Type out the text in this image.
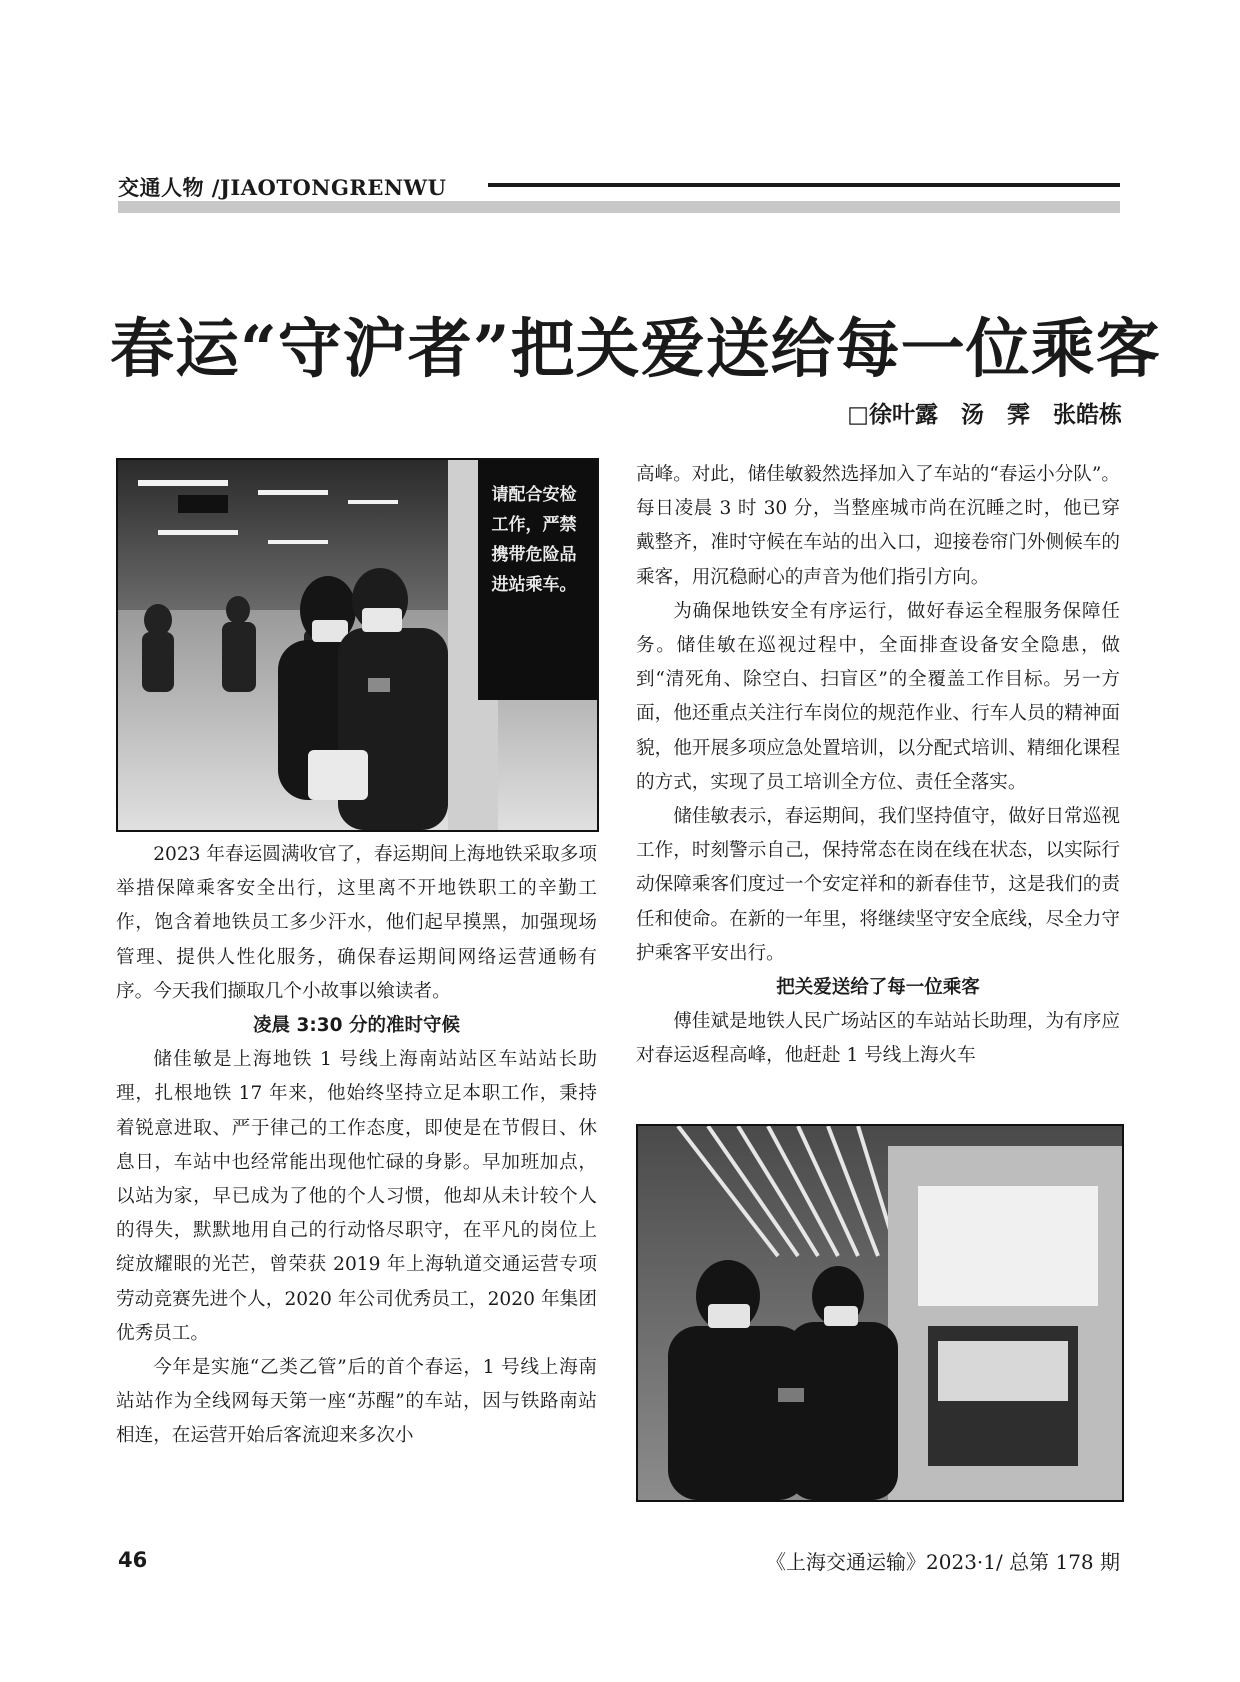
交通人物 /JIAOTONGRENWU
春运“守沪者”把关爱送给每一位乘客
□徐叶露　汤　霁　张皓栋
请配合安检工作，严禁携带危险品进站乘车。

2023 年春运圆满收官了，春运期间上海地铁采取多项举措保障乘客安全出行，这里离不开地铁职工的辛勤工作，饱含着地铁员工多少汗水，他们起早摸黑，加强现场管理、提供人性化服务，确保春运期间网络运营通畅有序。今天我们撷取几个小故事以飨读者。

凌晨 3:30 分的准时守候

储佳敏是上海地铁 1 号线上海南站站区车站站长助理，扎根地铁 17 年来，他始终坚持立足本职工作，秉持着锐意进取、严于律己的工作态度，即使是在节假日、休息日，车站中也经常能出现他忙碌的身影。早加班加点，以站为家，早已成为了他的个人习惯，他却从未计较个人的得失，默默地用自己的行动恪尽职守，在平凡的岗位上绽放耀眼的光芒，曾荣获 2019 年上海轨道交通运营专项劳动竞赛先进个人，2020 年公司优秀员工，2020 年集团优秀员工。

今年是实施“乙类乙管”后的首个春运，1 号线上海南站站作为全线网每天第一座“苏醒”的车站，因与铁路南站相连，在运营开始后客流迎来多次小

高峰。对此，储佳敏毅然选择加入了车站的“春运小分队”。每日凌晨 3 时 30 分，当整座城市尚在沉睡之时，他已穿戴整齐，准时守候在车站的出入口，迎接卷帘门外侧候车的乘客，用沉稳耐心的声音为他们指引方向。

为确保地铁安全有序运行，做好春运全程服务保障任务。储佳敏在巡视过程中，全面排查设备安全隐患，做到“清死角、除空白、扫盲区”的全覆盖工作目标。另一方面，他还重点关注行车岗位的规范作业、行车人员的精神面貌，他开展多项应急处置培训，以分配式培训、精细化课程的方式，实现了员工培训全方位、责任全落实。

储佳敏表示，春运期间，我们坚持值守，做好日常巡视工作，时刻警示自己，保持常态在岗在线在状态，以实际行动保障乘客们度过一个安定祥和的新春佳节，这是我们的责任和使命。在新的一年里，将继续坚守安全底线，尽全力守护乘客平安出行。

把关爱送给了每一位乘客

傅佳斌是地铁人民广场站区的车站站长助理，为有序应对春运返程高峰，他赶赴 1 号线上海火车

46	《上海交通运输》2023·1/ 总第 178 期
